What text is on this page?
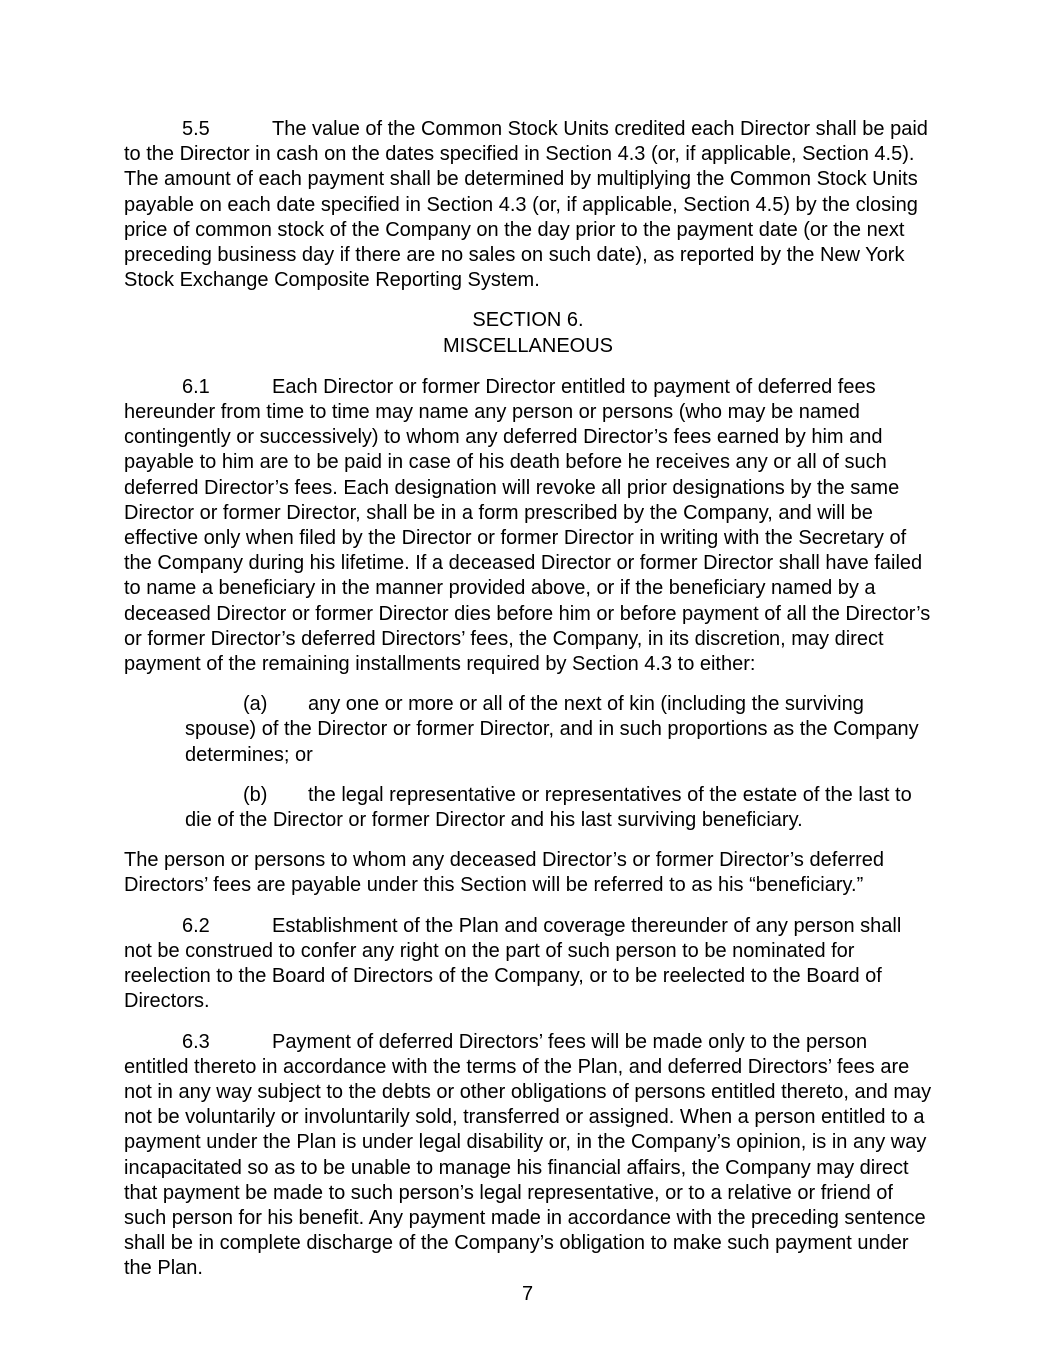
5.5	The value of the Common Stock Units credited each Director shall be paid to the Director in cash on the dates specified in Section 4.3 (or, if applicable, Section 4.5). The amount of each payment shall be determined by multiplying the Common Stock Units payable on each date specified in Section 4.3 (or, if applicable, Section 4.5) by the closing price of common stock of the Company on the day prior to the payment date (or the next preceding business day if there are no sales on such date), as reported by the New York Stock Exchange Composite Reporting System.

SECTION 6.
MISCELLANEOUS

6.1	Each Director or former Director entitled to payment of deferred fees hereunder from time to time may name any person or persons (who may be named contingently or successively) to whom any deferred Director’s fees earned by him and payable to him are to be paid in case of his death before he receives any or all of such deferred Director’s fees. Each designation will revoke all prior designations by the same Director or former Director, shall be in a form prescribed by the Company, and will be effective only when filed by the Director or former Director in writing with the Secretary of the Company during his lifetime. If a deceased Director or former Director shall have failed to name a beneficiary in the manner provided above, or if the beneficiary named by a deceased Director or former Director dies before him or before payment of all the Director’s or former Director’s deferred Directors’ fees, the Company, in its discretion, may direct payment of the remaining installments required by Section 4.3 to either:

(a) any one or more or all of the next of kin (including the surviving spouse) of the Director or former Director, and in such proportions as the Company determines; or
(b) the legal representative or representatives of the estate of the last to die of the Director or former Director and his last surviving beneficiary.

The person or persons to whom any deceased Director’s or former Director’s deferred Directors’ fees are payable under this Section will be referred to as his “beneficiary.”

6.2	Establishment of the Plan and coverage thereunder of any person shall not be construed to confer any right on the part of such person to be nominated for reelection to the Board of Directors of the Company, or to be reelected to the Board of Directors.

6.3	Payment of deferred Directors’ fees will be made only to the person entitled thereto in accordance with the terms of the Plan, and deferred Directors’ fees are not in any way subject to the debts or other obligations of persons entitled thereto, and may not be voluntarily or involuntarily sold, transferred or assigned. When a person entitled to a payment under the Plan is under legal disability or, in the Company’s opinion, is in any way incapacitated so as to be unable to manage his financial affairs, the Company may direct that payment be made to such person’s legal representative, or to a relative or friend of such person for his benefit. Any payment made in accordance with the preceding sentence shall be in complete discharge of the Company’s obligation to make such payment under the Plan.

7
